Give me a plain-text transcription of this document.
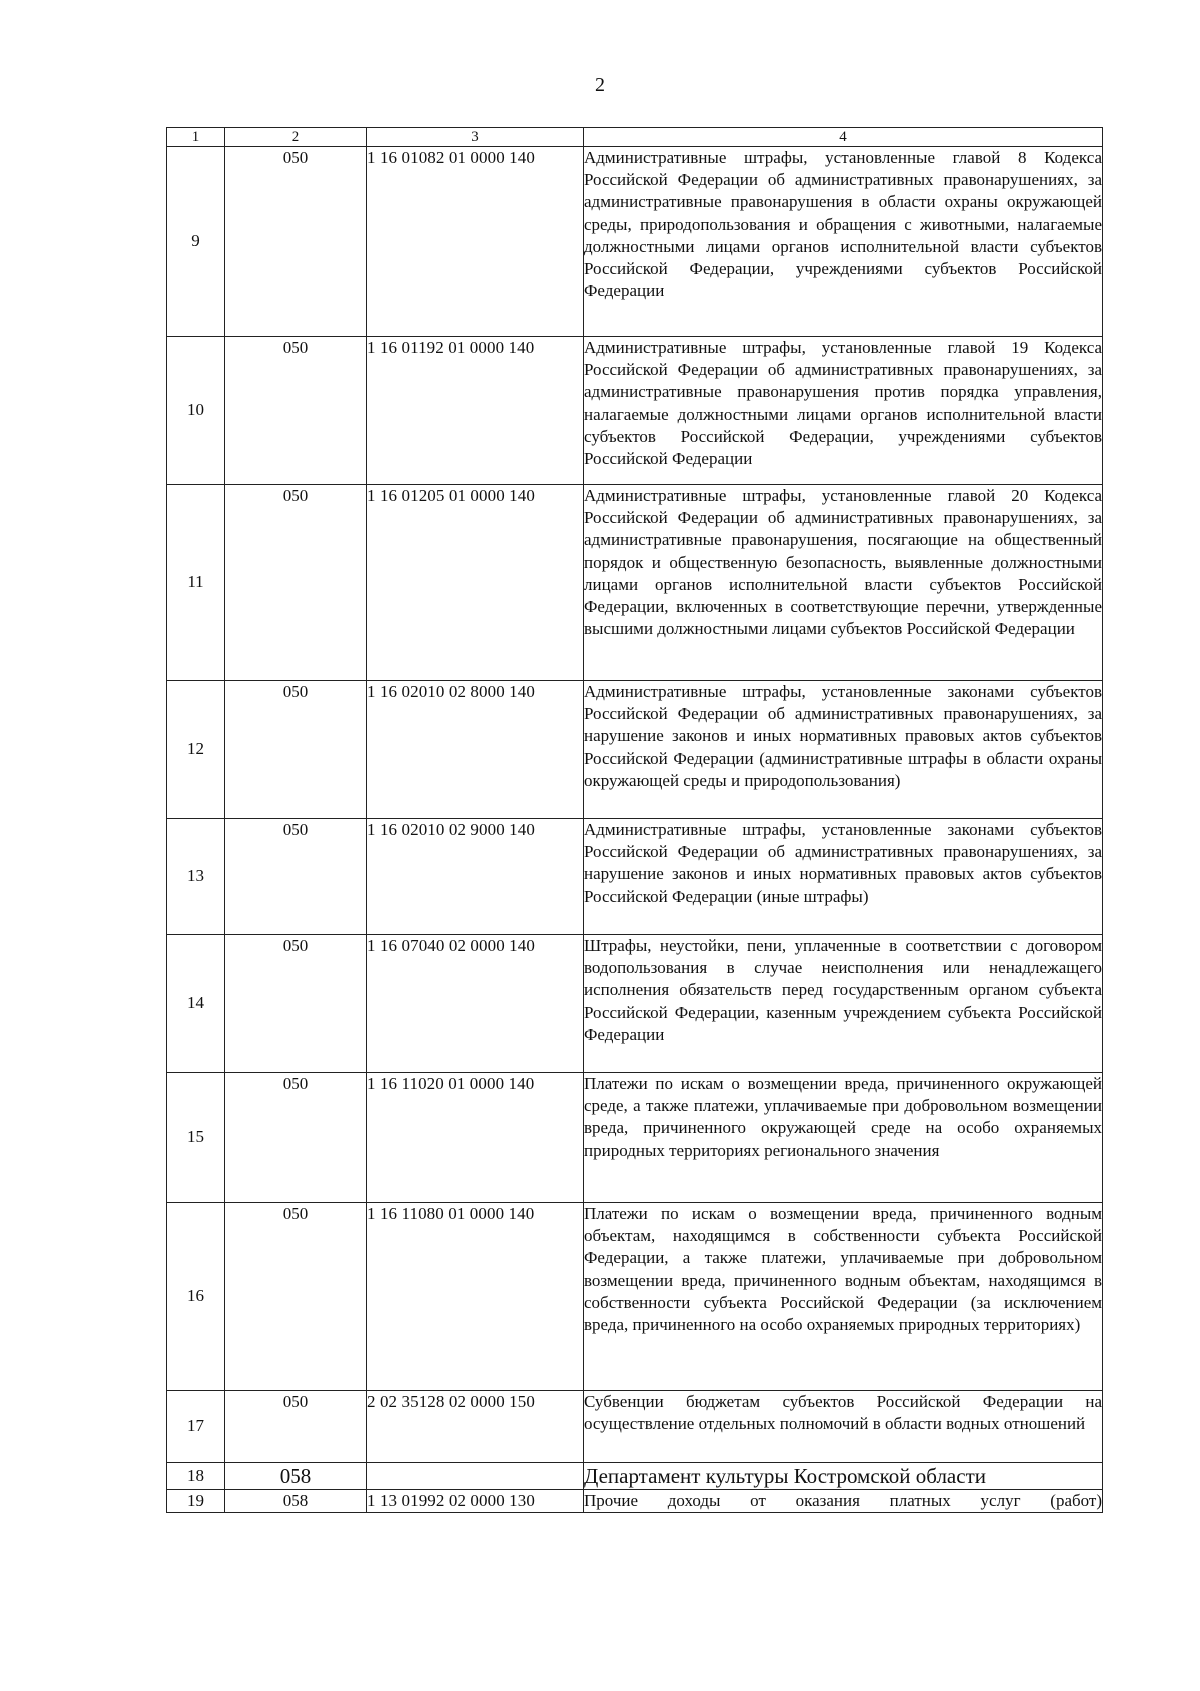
2
1	2	3	4
9	050	1 16 01082 01 0000 140	Административные штрафы, установленные главой 8 Кодекса Российской Федерации об административных правонарушениях, за административные правонарушения в области охраны окружающей среды, природопользования и обращения с животными, налагаемые должностными лицами органов исполнительной власти субъектов Российской Федерации, учреждениями субъектов Российской Федерации
10	050	1 16 01192 01 0000 140	Административные штрафы, установленные главой 19 Кодекса Российской Федерации об административных правонарушениях, за административные правонарушения против порядка управления, налагаемые должностными лицами органов исполнительной власти субъектов Российской Федерации, учреждениями субъектов Российской Федерации
11	050	1 16 01205 01 0000 140	Административные штрафы, установленные главой 20 Кодекса Российской Федерации об административных правонарушениях, за административные правонарушения, посягающие на общественный порядок и общественную безопасность, выявленные должностными лицами органов исполнительной власти субъектов Российской Федерации, включенных в соответствующие перечни, утвержденные высшими должностными лицами субъектов Российской Федерации
12	050	1 16 02010 02 8000 140	Административные штрафы, установленные законами субъектов Российской Федерации об административных правонарушениях, за нарушение законов и иных нормативных правовых актов субъектов Российской Федерации (административные штрафы в области охраны окружающей среды и природопользования)
13	050	1 16 02010 02 9000 140	Административные штрафы, установленные законами субъектов Российской Федерации об административных правонарушениях, за нарушение законов и иных нормативных правовых актов субъектов Российской Федерации (иные штрафы)
14	050	1 16 07040 02 0000 140	Штрафы, неустойки, пени, уплаченные в соответствии с договором водопользования в случае неисполнения или ненадлежащего исполнения обязательств перед государственным органом субъекта Российской Федерации, казенным учреждением субъекта Российской Федерации
15	050	1 16 11020 01 0000 140	Платежи по искам о возмещении вреда, причиненного окружающей среде, а также платежи, уплачиваемые при добровольном возмещении вреда, причиненного окружающей среде на особо охраняемых природных территориях регионального значения
16	050	1 16 11080 01 0000 140	Платежи по искам о возмещении вреда, причиненного водным объектам, находящимся в собственности субъекта Российской Федерации, а также платежи, уплачиваемые при добровольном возмещении вреда, причиненного водным объектам, находящимся в собственности субъекта Российской Федерации (за исключением вреда, причиненного на особо охраняемых природных территориях)
17	050	2 02 35128 02 0000 150	Субвенции бюджетам субъектов Российской Федерации на осуществление отдельных полномочий в области водных отношений
18	058		Департамент культуры Костромской области
19	058	1 13 01992 02 0000 130	Прочие доходы от оказания платных услуг (работ)
